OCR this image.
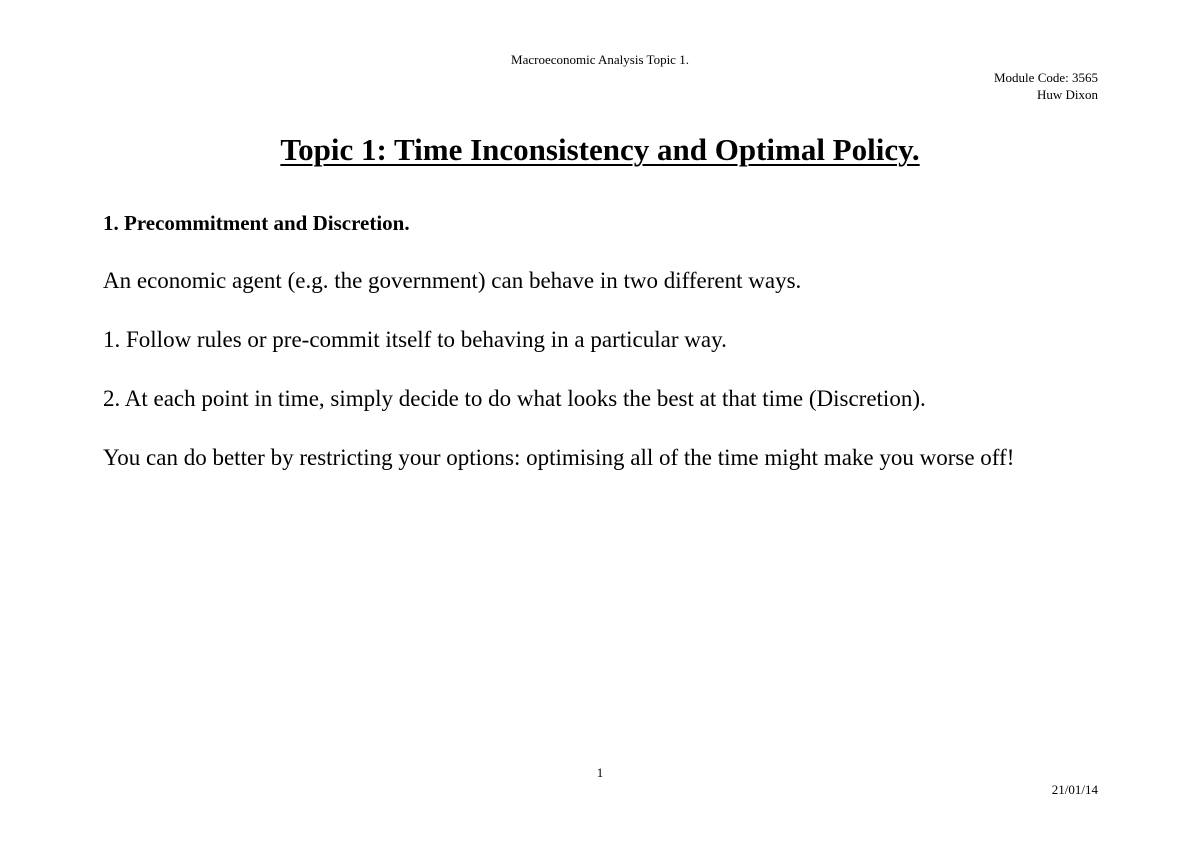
Macroeconomic Analysis Topic 1.
Module Code: 3565
Huw Dixon
Topic 1: Time Inconsistency and Optimal Policy.

1. Precommitment and Discretion.

An economic agent (e.g. the government) can behave in two different ways.

1. Follow rules or pre-commit itself to behaving in a particular way.

2. At each point in time, simply decide to do what looks the best at that time (Discretion).

You can do better by restricting your options: optimising all of the time might make you worse off!

1
21/01/14
